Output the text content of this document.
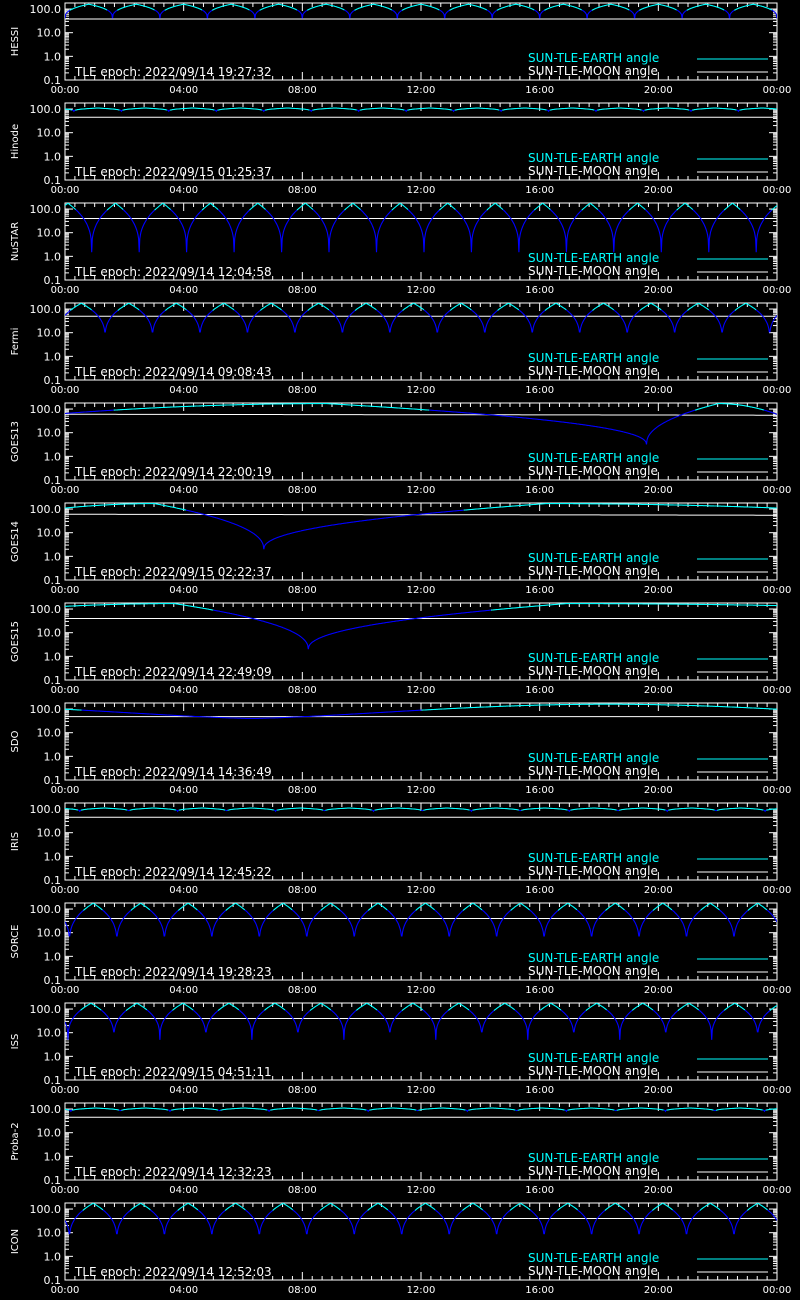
HESSI
0.1
1.0
10.0
100.0
00:00	04:00	08:00	12:00	16:00	20:00	00:00
TLE epoch: 2022/09/14 19:27:32
SUN-TLE-EARTH angle
SUN-TLE-MOON angle
Hinode
0.1
1.0
10.0
100.0
00:00	04:00	08:00	12:00	16:00	20:00	00:00
TLE epoch: 2022/09/15 01:25:37
SUN-TLE-EARTH angle
SUN-TLE-MOON angle
NuSTAR
0.1
1.0
10.0
100.0
00:00	04:00	08:00	12:00	16:00	20:00	00:00
TLE epoch: 2022/09/14 12:04:58
SUN-TLE-EARTH angle
SUN-TLE-MOON angle
Fermi
0.1
1.0
10.0
100.0
00:00	04:00	08:00	12:00	16:00	20:00	00:00
TLE epoch: 2022/09/14 09:08:43
SUN-TLE-EARTH angle
SUN-TLE-MOON angle
GOES13
0.1
1.0
10.0
100.0
00:00	04:00	08:00	12:00	16:00	20:00	00:00
TLE epoch: 2022/09/14 22:00:19
SUN-TLE-EARTH angle
SUN-TLE-MOON angle
GOES14
0.1
1.0
10.0
100.0
00:00	04:00	08:00	12:00	16:00	20:00	00:00
TLE epoch: 2022/09/15 02:22:37
SUN-TLE-EARTH angle
SUN-TLE-MOON angle
GOES15
0.1
1.0
10.0
100.0
00:00	04:00	08:00	12:00	16:00	20:00	00:00
TLE epoch: 2022/09/14 22:49:09
SUN-TLE-EARTH angle
SUN-TLE-MOON angle
SDO
0.1
1.0
10.0
100.0
00:00	04:00	08:00	12:00	16:00	20:00	00:00
TLE epoch: 2022/09/14 14:36:49
SUN-TLE-EARTH angle
SUN-TLE-MOON angle
IRIS
0.1
1.0
10.0
100.0
00:00	04:00	08:00	12:00	16:00	20:00	00:00
TLE epoch: 2022/09/14 12:45:22
SUN-TLE-EARTH angle
SUN-TLE-MOON angle
SORCE
0.1
1.0
10.0
100.0
00:00	04:00	08:00	12:00	16:00	20:00	00:00
TLE epoch: 2022/09/14 19:28:23
SUN-TLE-EARTH angle
SUN-TLE-MOON angle
ISS
0.1
1.0
10.0
100.0
00:00	04:00	08:00	12:00	16:00	20:00	00:00
TLE epoch: 2022/09/15 04:51:11
SUN-TLE-EARTH angle
SUN-TLE-MOON angle
Proba-2
0.1
1.0
10.0
100.0
00:00	04:00	08:00	12:00	16:00	20:00	00:00
TLE epoch: 2022/09/14 12:32:23
SUN-TLE-EARTH angle
SUN-TLE-MOON angle
ICON
0.1
1.0
10.0
100.0
00:00	04:00	08:00	12:00	16:00	20:00	00:00
TLE epoch: 2022/09/14 12:52:03
SUN-TLE-EARTH angle
SUN-TLE-MOON angle
